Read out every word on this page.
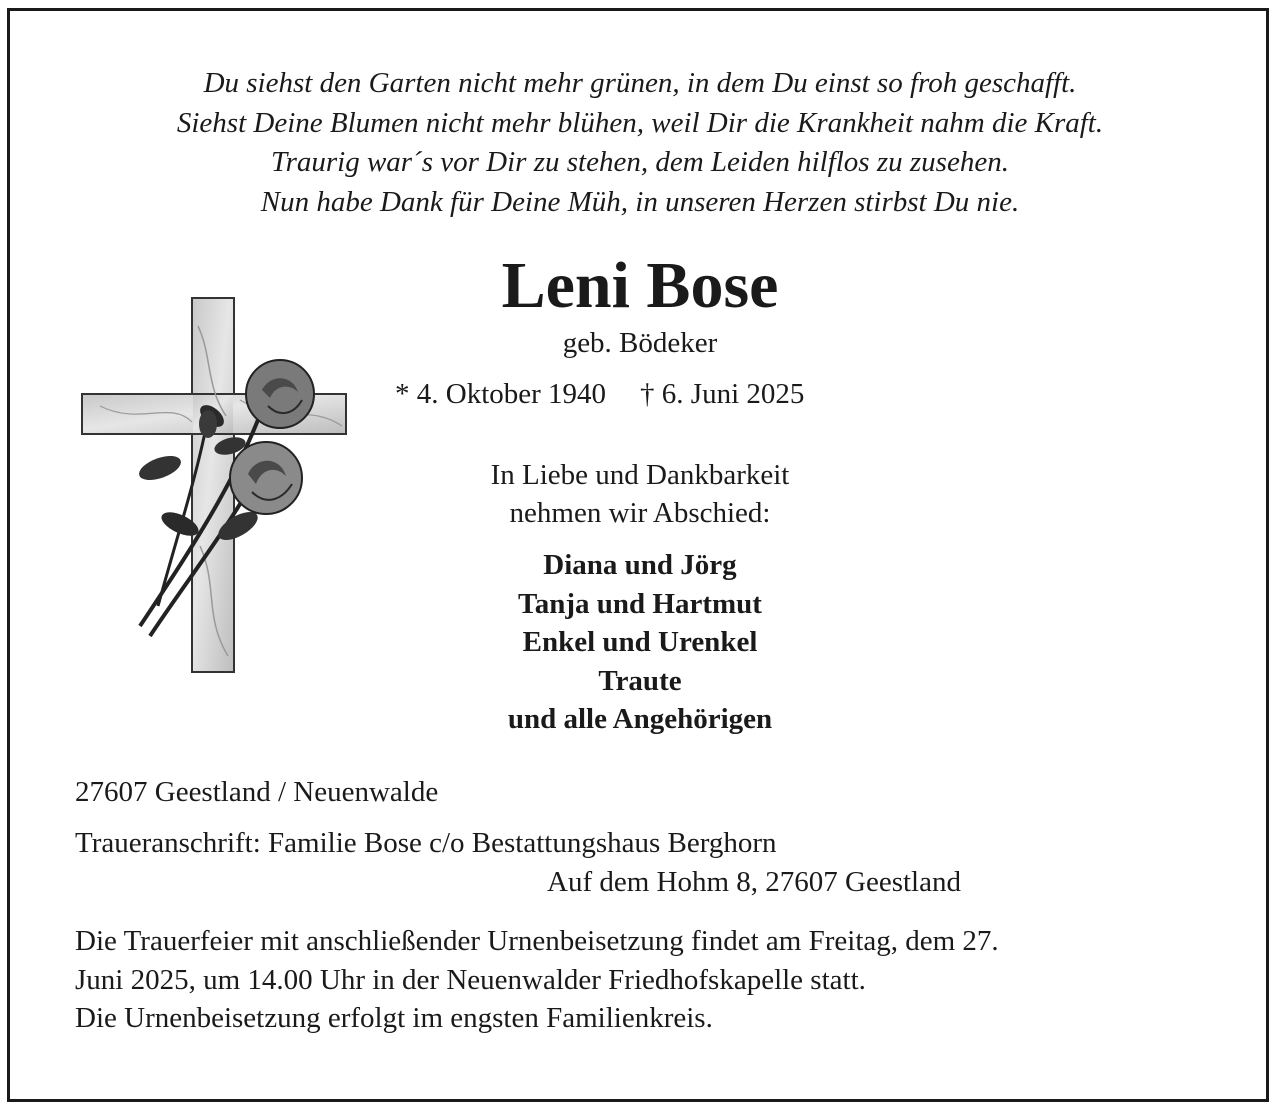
Du siehst den Garten nicht mehr grünen, in dem Du einst so froh geschafft.
Siehst Deine Blumen nicht mehr blühen, weil Dir die Krankheit nahm die Kraft.
Traurig war´s vor Dir zu stehen, dem Leiden hilflos zu zusehen.
Nun habe Dank für Deine Müh, in unseren Herzen stirbst Du nie.
Leni Bose
geb. Bödeker
* 4. Oktober 1940 † 6. Juni 2025
In Liebe und Dankbarkeit
nehmen wir Abschied:
Diana und Jörg
Tanja und Hartmut
Enkel und Urenkel
Traute
und alle Angehörigen
27607 Geestland / Neuenwalde
Traueranschrift: Familie Bose c/o Bestattungshaus Berghorn
Auf dem Hohm 8, 27607 Geestland
Die Trauerfeier mit anschließender Urnenbeisetzung findet am Freitag, dem 27.
Juni 2025, um 14.00 Uhr in der Neuenwalder Friedhofskapelle statt.
Die Urnenbeisetzung erfolgt im engsten Familienkreis.
